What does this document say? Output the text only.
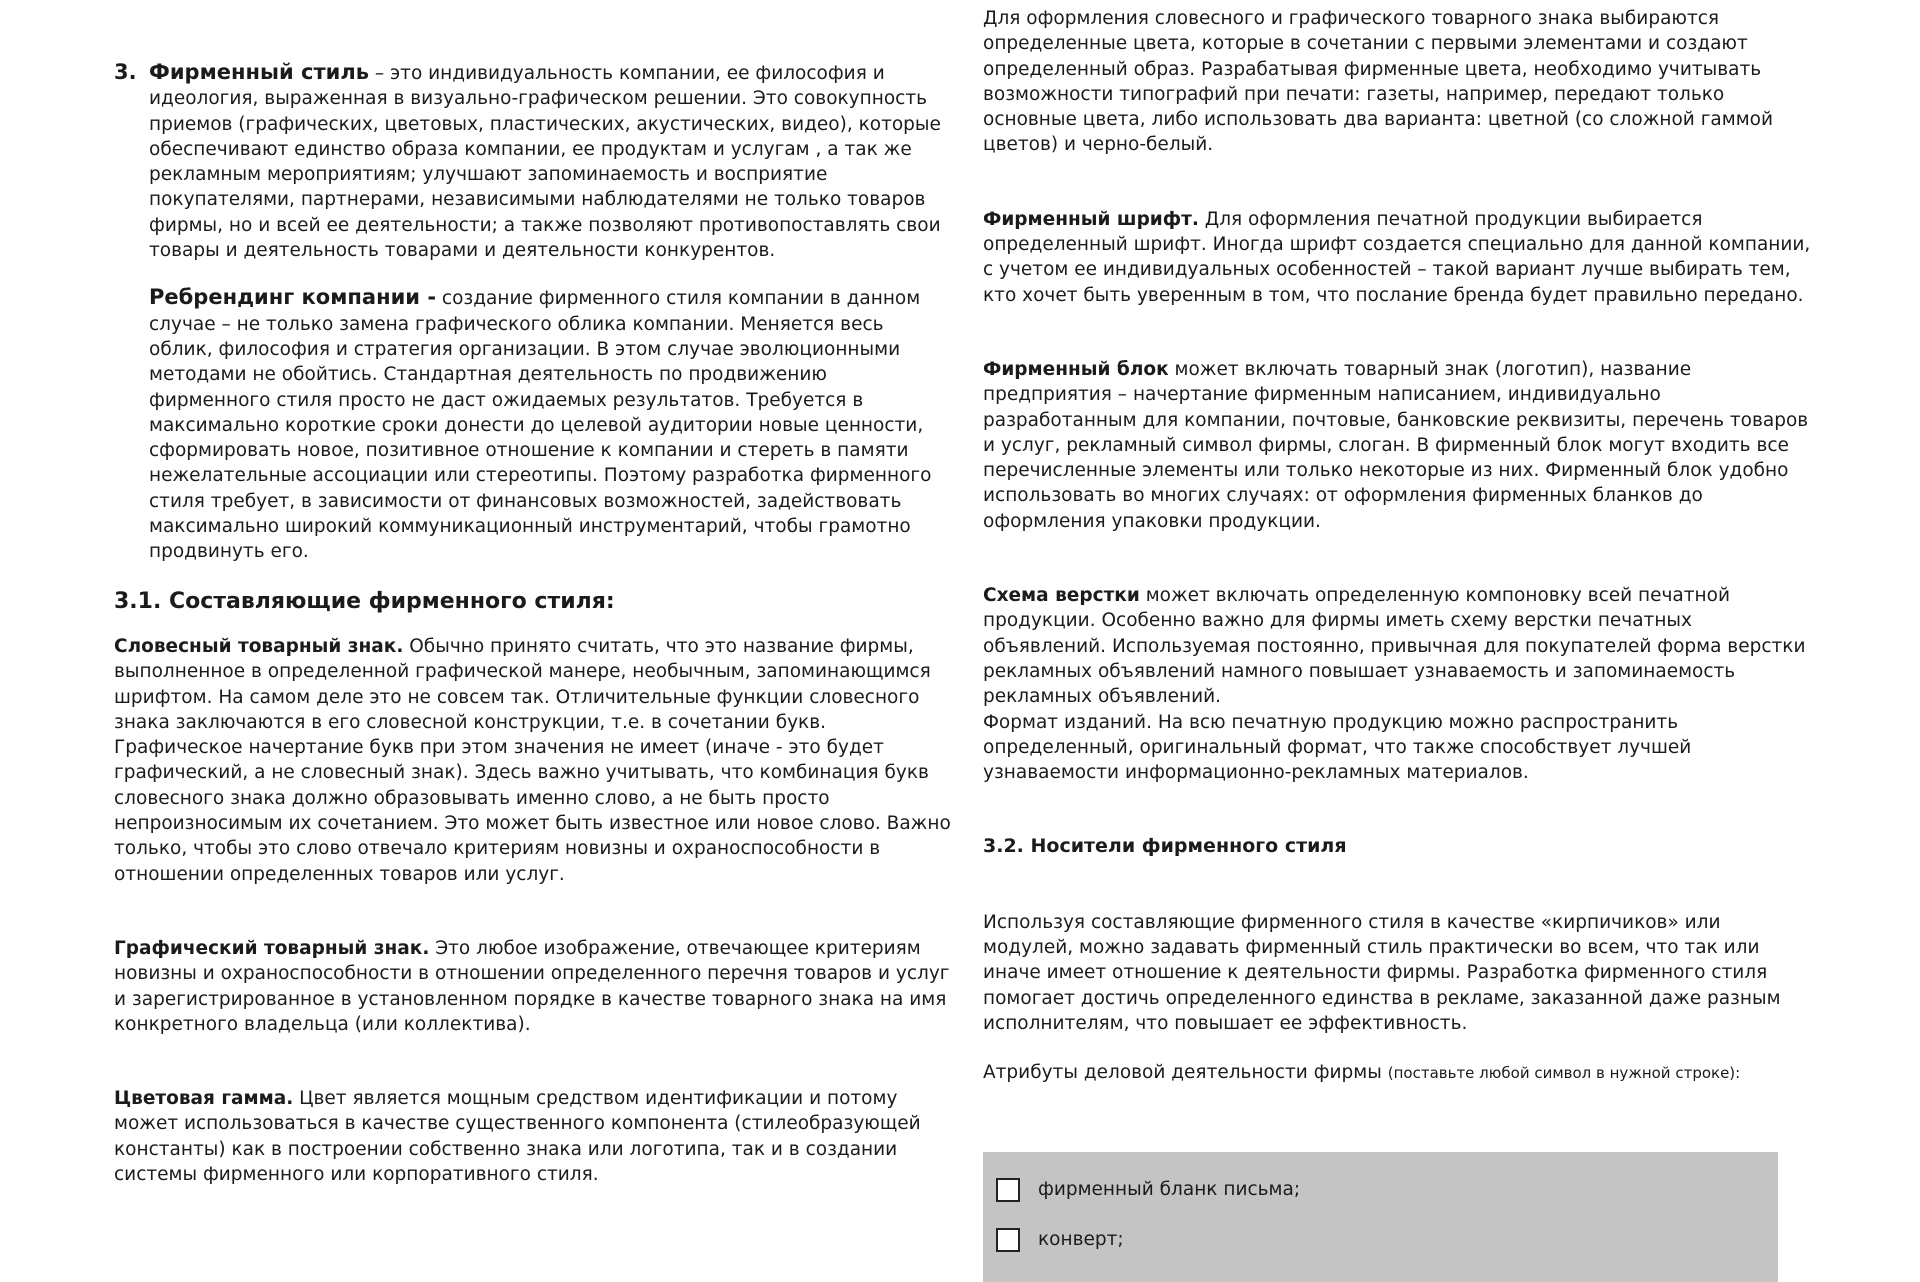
3. Фирменный стиль – это индивидуальность компании, ее философия и идеология, выраженная в визуально-графическом решении. Это совокупность приемов (графических, цветовых, пластических, акустических, видео), которые обеспечивают единство образа компании, ее продуктам и услугам , а так же рекламным мероприятиям; улучшают запоминаемость и восприятие покупателями, партнерами, независимыми наблюдателями не только товаров фирмы, но и всей ее деятельности; а также позволяют противопоставлять свои товары и деятельность товарами и деятельности конкурентов.

Ребрендинг компании - создание фирменного стиля компании в данном случае – не только замена графического облика компании. Меняется весь облик, философия и стратегия организации. В этом случае эволюционными методами не обойтись. Стандартная деятельность по продвижению фирменного стиля просто не даст ожидаемых результатов. Требуется в максимально короткие сроки донести до целевой аудитории новые ценности, сформировать новое, позитивное отношение к компании и стереть в памяти нежелательные ассоциации или стереотипы. Поэтому разработка фирменного стиля требует, в зависимости от финансовых возможностей, задействовать максимально широкий коммуникационный инструментарий, чтобы грамотно продвинуть его.

3.1. Составляющие фирменного стиля:

Словесный товарный знак. Обычно принято считать, что это название фирмы, выполненное в определенной графической манере, необычным, запоминающимся шрифтом. На самом деле это не совсем так. Отличительные функции словесного знака заключаются в его словесной конструкции, т.е. в сочетании букв. Графическое начертание букв при этом значения не имеет (иначе - это будет графический, а не словесный знак). Здесь важно учитывать, что комбинация букв словесного знака должно образовывать именно слово, а не быть просто непроизносимым их сочетанием. Это может быть известное или новое слово. Важно только, чтобы это слово отвечало критериям новизны и охраноспособности в отношении определенных товаров или услуг.

Графический товарный знак. Это любое изображение, отвечающее критериям новизны и охраноспособности в отношении определенного перечня товаров и услуг и зарегистрированное в установленном порядке в качестве товарного знака на имя конкретного владельца (или коллектива).

Цветовая гамма. Цвет является мощным средством идентификации и потому может использоваться в качестве существенного компонента (стилеобразующей константы) как в построении собственно знака или логотипа, так и в создании системы фирменного или корпоративного стиля.

Для оформления словесного и графического товарного знака выбираются определенные цвета, которые в сочетании с первыми элементами и создают определенный образ. Разрабатывая фирменные цвета, необходимо учитывать возможности типографий при печати: газеты, например, передают только основные цвета, либо использовать два варианта: цветной (со сложной гаммой цветов) и черно-белый.

Фирменный шрифт. Для оформления печатной продукции выбирается определенный шрифт. Иногда шрифт создается специально для данной компании, с учетом ее индивидуальных особенностей – такой вариант лучше выбирать тем, кто хочет быть уверенным в том, что послание бренда будет правильно передано.

Фирменный блок может включать товарный знак (логотип), название предприятия – начертание фирменным написанием, индивидуально разработанным для компании, почтовые, банковские реквизиты, перечень товаров и услуг, рекламный символ фирмы, слоган. В фирменный блок могут входить все перечисленные элементы или только некоторые из них. Фирменный блок удобно использовать во многих случаях: от оформления фирменных бланков до оформления упаковки продукции.

Схема верстки может включать определенную компоновку всей печатной продукции. Особенно важно для фирмы иметь схему верстки печатных объявлений. Используемая постоянно, привычная для покупателей форма верстки рекламных объявлений намного повышает узнаваемость и запоминаемость рекламных объявлений.

Формат изданий. На всю печатную продукцию можно распространить определенный, оригинальный формат, что также способствует лучшей узнаваемости информационно-рекламных материалов.

3.2. Носители фирменного стиля

Используя составляющие фирменного стиля в качестве «кирпичиков» или модулей, можно задавать фирменный стиль практически во всем, что так или иначе имеет отношение к деятельности фирмы. Разработка фирменного стиля помогает достичь определенного единства в рекламе, заказанной даже разным исполнителям, что повышает ее эффективность.

Атрибуты деловой деятельности фирмы (поставьте любой символ в нужной строке):

фирменный бланк письма;
конверт;
